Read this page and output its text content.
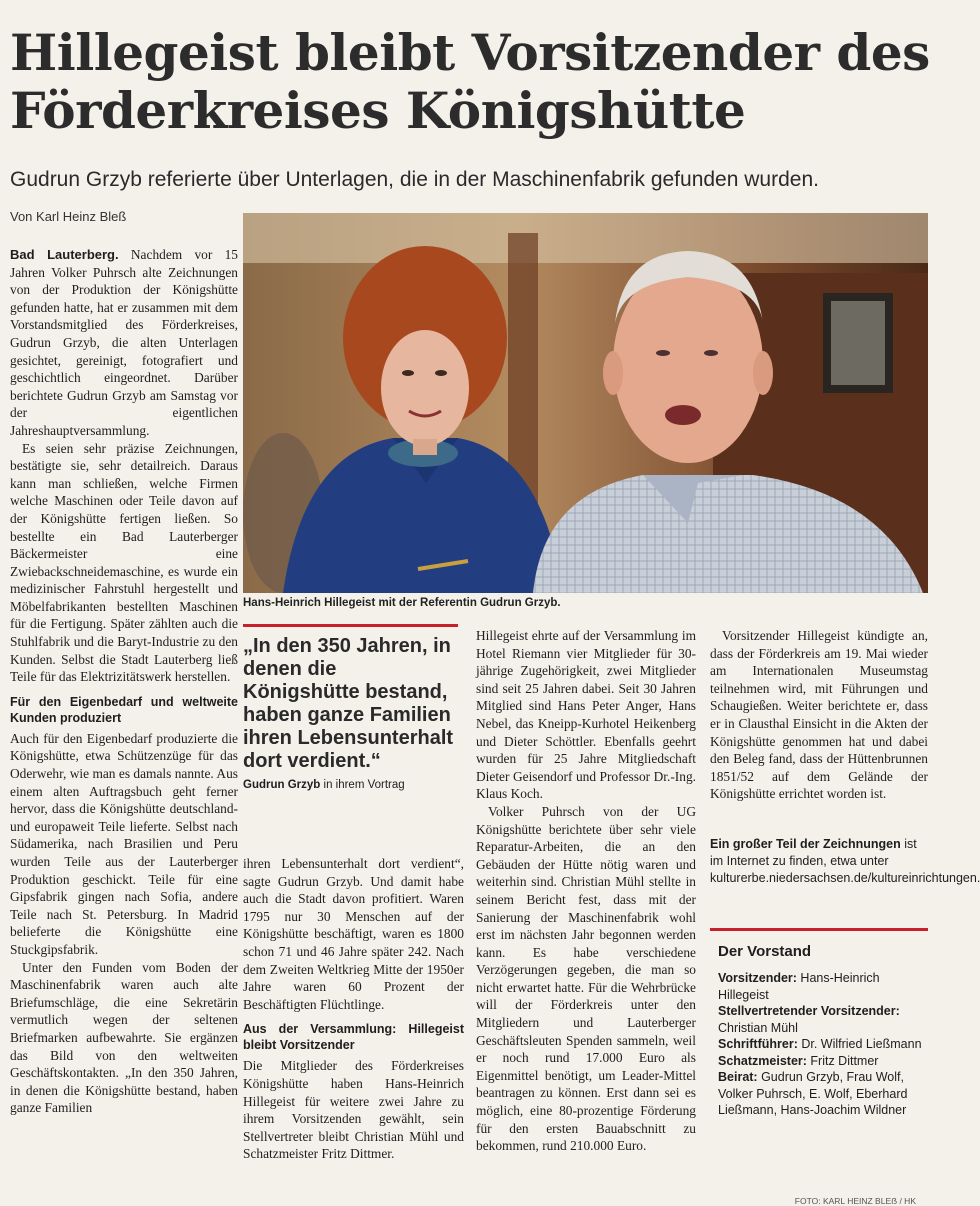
Hillegeist bleibt Vorsitzender des Förderkreises Königshütte
Gudrun Grzyb referierte über Unterlagen, die in der Maschinenfabrik gefunden wurden.
Von Karl Heinz Bleß
Hans-Heinrich Hillegeist mit der Referentin Gudrun Grzyb.
FOTO: KARL HEINZ BLEẞ / HK

Bad Lauterberg. Nachdem vor 15 Jahren Volker Puhrsch alte Zeichnungen von der Produktion der Königshütte gefunden hatte, hat er zusammen mit dem Vorstandsmitglied des Förderkreises, Gudrun Grzyb, die alten Unterlagen gesichtet, gereinigt, fotografiert und geschichtlich eingeordnet. Darüber berichtete Gudrun Grzyb am Samstag vor der eigentlichen Jahreshauptversammlung.

Es seien sehr präzise Zeichnungen, bestätigte sie, sehr detailreich. Daraus kann man schließen, welche Firmen welche Maschinen oder Teile davon auf der Königshütte fertigen ließen. So bestellte ein Bad Lauterberger Bäckermeister eine Zwiebackschneidemaschine, es wurde ein medizinischer Fahrstuhl hergestellt und Möbelfabrikanten bestellten Maschinen für die Fertigung. Später zählten auch die Stuhlfabrik und die Baryt-Industrie zu den Kunden. Selbst die Stadt Lauterberg ließ Teile für das Elektrizitätswerk herstellen.

Für den Eigenbedarf und weltweite Kunden produziert

Auch für den Eigenbedarf produzierte die Königshütte, etwa Schützenzüge für das Oderwehr, wie man es damals nannte. Aus einem alten Auftragsbuch geht ferner hervor, dass die Königshütte deutschland- und europaweit Teile lieferte. Selbst nach Südamerika, nach Brasilien und Peru wurden Teile aus der Lauterberger Produktion geschickt. Teile für eine Gipsfabrik gingen nach Sofia, andere Teile nach St. Petersburg. In Madrid belieferte die Königshütte eine Stuckgipsfabrik.

Unter den Funden vom Boden der Maschinenfabrik waren auch alte Briefumschläge, die eine Sekretärin vermutlich wegen der seltenen Briefmarken aufbewahrte. Sie ergänzen das Bild von den weltweiten Geschäftskontakten. „In den 350 Jahren, in denen die Königshütte bestand, haben ganze Familien

„In den 350 Jahren, in denen die Königshütte bestand, haben ganze Familien ihren Lebensunterhalt dort verdient.“
Gudrun Grzyb in ihrem Vortrag

ihren Lebensunterhalt dort verdient“, sagte Gudrun Grzyb. Und damit habe auch die Stadt davon profitiert. Waren 1795 nur 30 Menschen auf der Königshütte beschäftigt, waren es 1800 schon 71 und 46 Jahre später 242. Nach dem Zweiten Weltkrieg Mitte der 1950er Jahre waren 60 Prozent der Beschäftigten Flüchtlinge.

Aus der Versammlung: Hillegeist bleibt Vorsitzender

Die Mitglieder des Förderkreises Königshütte haben Hans-Heinrich Hillegeist für weitere zwei Jahre zu ihrem Vorsitzenden gewählt, sein Stellvertreter bleibt Christian Mühl und Schatzmeister Fritz Dittmer.

Hillegeist ehrte auf der Versammlung im Hotel Riemann vier Mitglieder für 30-jährige Zugehörigkeit, zwei Mitglieder sind seit 25 Jahren dabei. Seit 30 Jahren Mitglied sind Hans Peter Anger, Hans Nebel, das Kneipp-Kurhotel Heikenberg und Dieter Schöttler. Ebenfalls geehrt wurden für 25 Jahre Mitgliedschaft Dieter Geisendorf und Professor Dr.-Ing. Klaus Koch.

Volker Puhrsch von der UG Königshütte berichtete über sehr viele Reparatur-Arbeiten, die an den Gebäuden der Hütte nötig waren und weiterhin sind. Christian Mühl stellte in seinem Bericht fest, dass mit der Sanierung der Maschinenfabrik wohl erst im nächsten Jahr begonnen werden kann. Es habe verschiedene Verzögerungen gegeben, die man so nicht erwartet hatte. Für die Wehrbrücke will der Förderkreis unter den Mitgliedern und Lauterberger Geschäftsleuten Spenden sammeln, weil er noch rund 17.000 Euro als Eigenmittel benötigt, um Leader-Mittel beantragen zu können. Erst dann sei es möglich, eine 80-prozentige Förderung für den ersten Bauabschnitt zu bekommen, rund 210.000 Euro.

Vorsitzender Hillegeist kündigte an, dass der Förderkreis am 19. Mai wieder am Internationalen Museumstag teilnehmen wird, mit Führungen und Schaugießen. Weiter berichtete er, dass er in Clausthal Einsicht in die Akten der Königshütte genommen hat und dabei den Beleg fand, dass der Hüttenbrunnen 1851/52 auf dem Gelände der Königshütte errichtet worden ist.

Ein großer Teil der Zeichnungen ist im Internet zu finden, etwa unter kulturerbe.niedersachsen.de/kultureinrichtungen.
Der Vorstand
Vorsitzender: Hans-Heinrich Hillegeist
Stellvertretender Vorsitzender: Christian Mühl
Schriftführer: Dr. Wilfried Ließmann
Schatzmeister: Fritz Dittmer
Beirat: Gudrun Grzyb, Frau Wolf, Volker Puhrsch, E. Wolf, Eberhard Ließmann, Hans-Joachim Wildner
